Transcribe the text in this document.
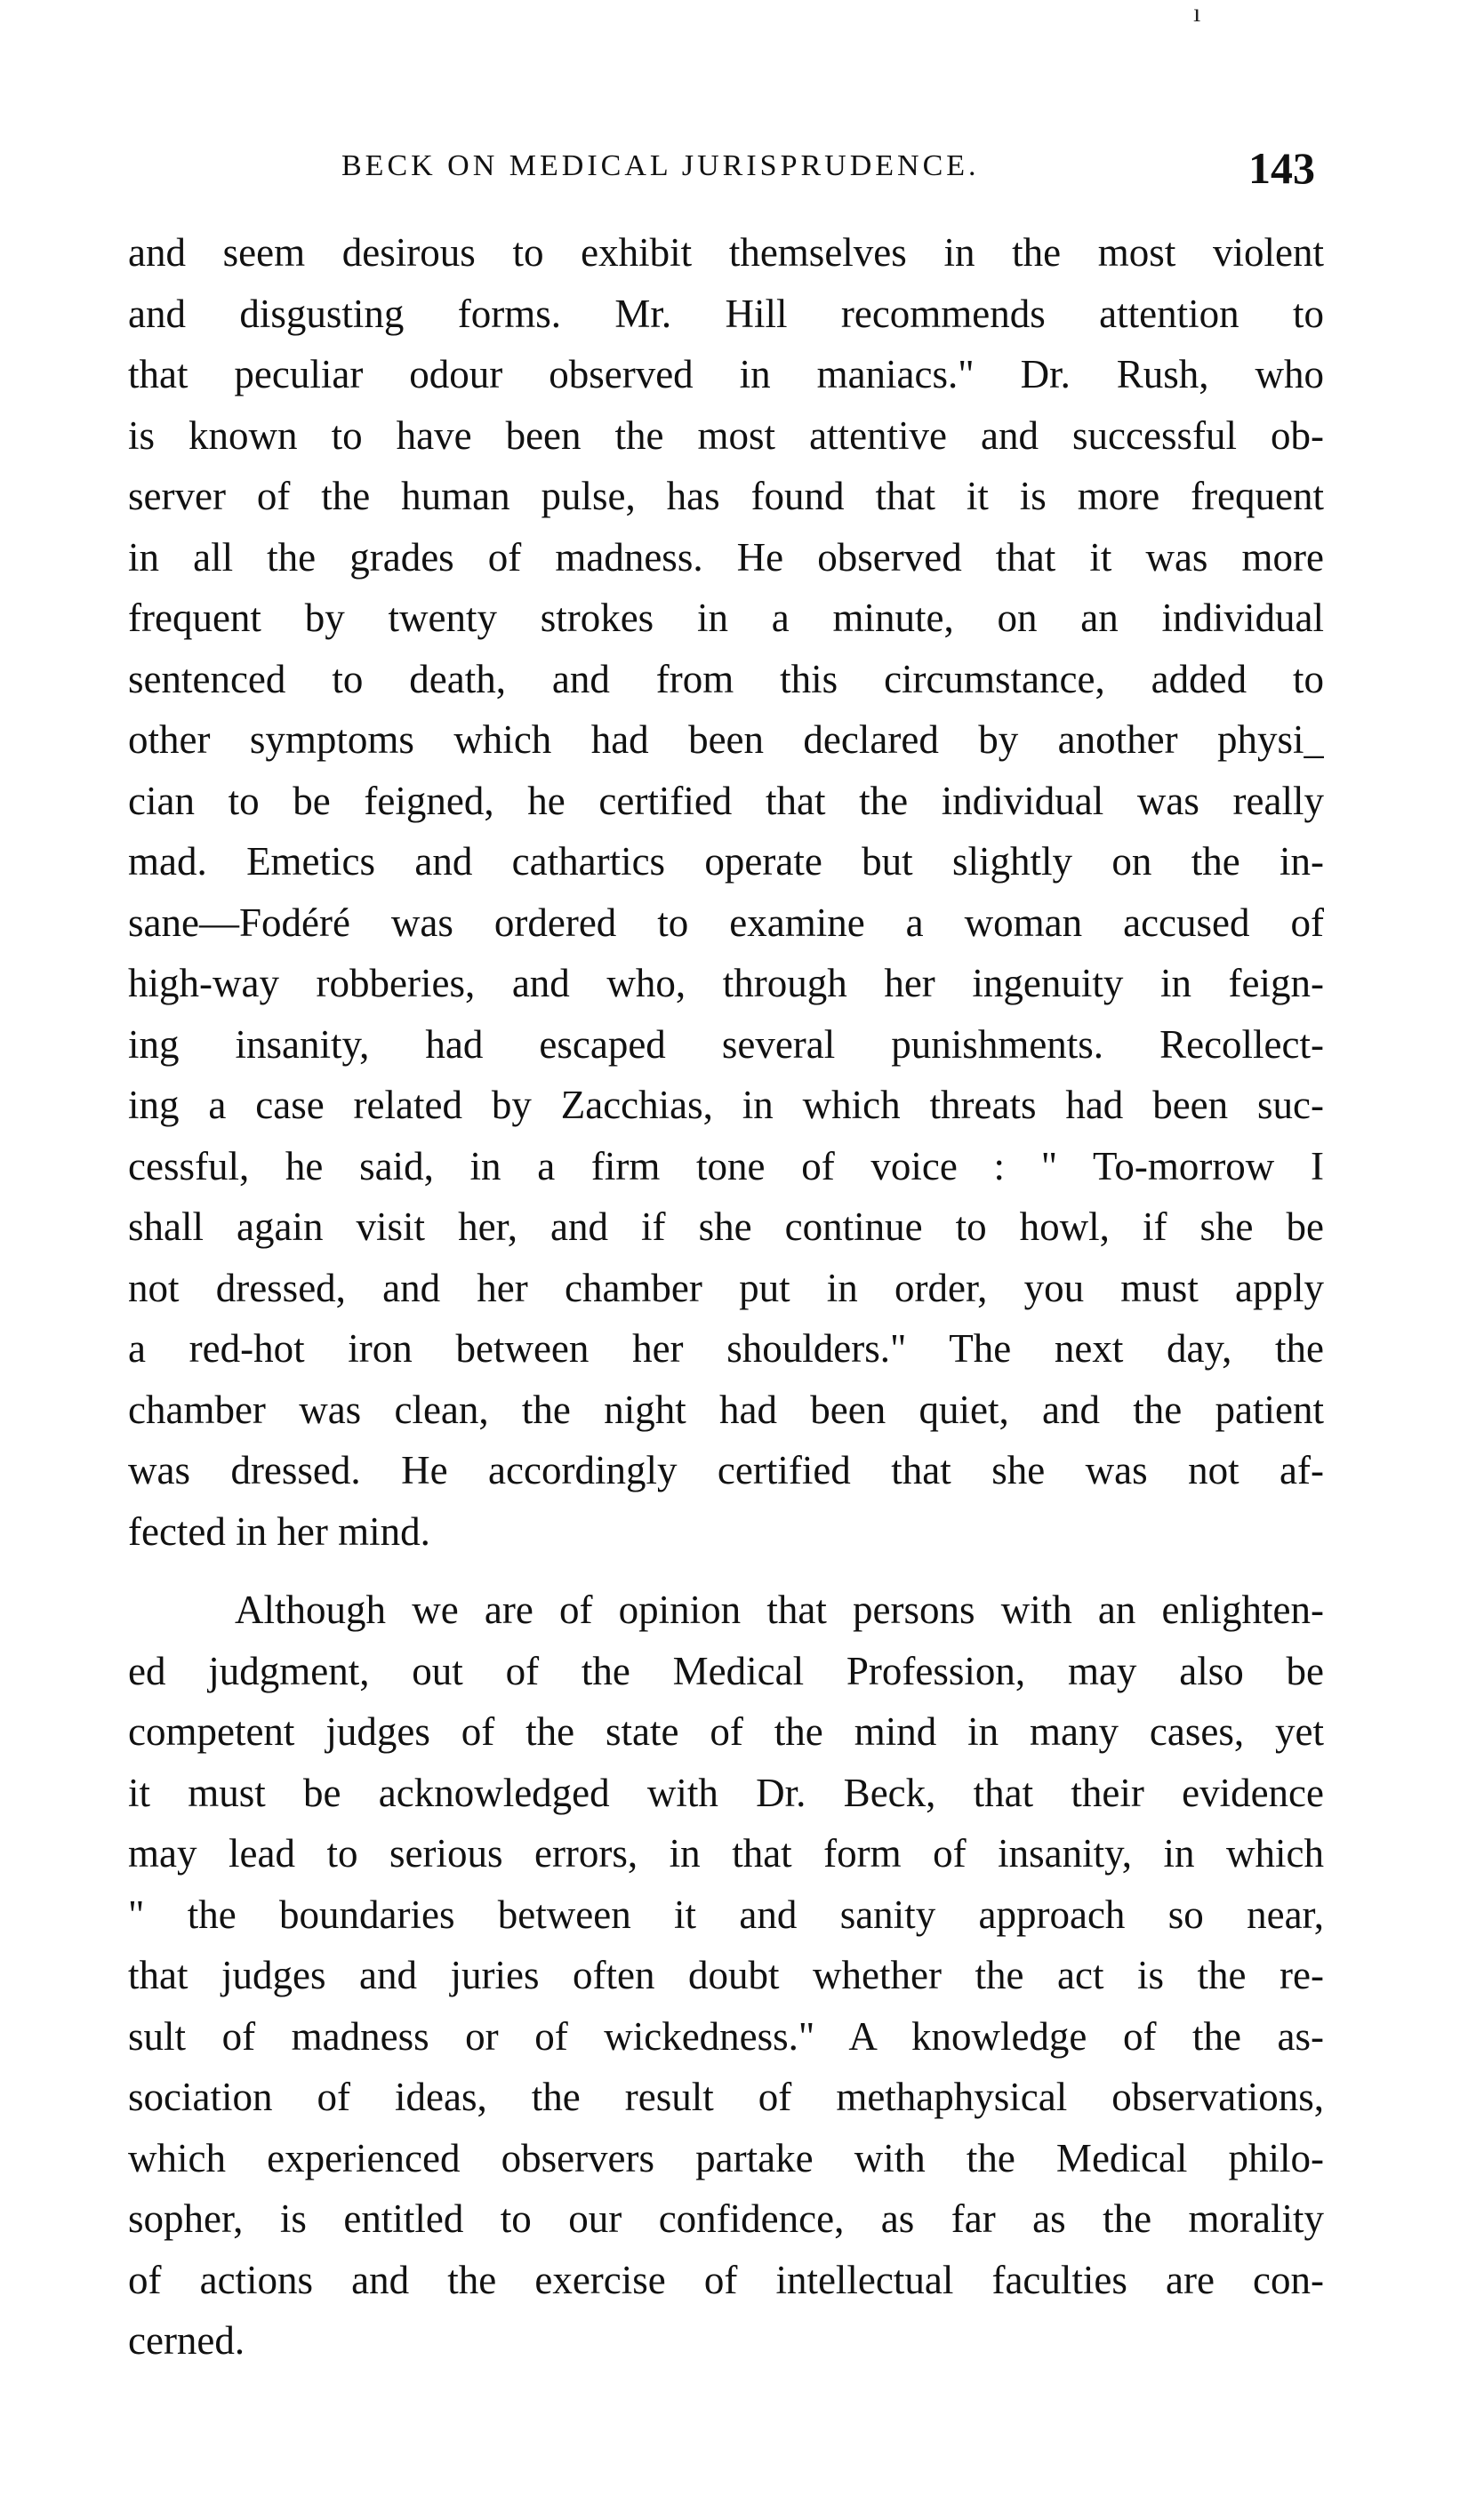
ı
BECK ON MEDICAL JURISPRUDENCE.	143
and seem desirous to exhibit themselves in the most violent
and disgusting forms. Mr. Hill recommends attention to
that peculiar odour observed in maniacs." Dr. Rush, who
is known to have been the most attentive and successful ob-
server of the human pulse, has found that it is more frequent
in all the grades of madness. He observed that it was more
frequent by twenty strokes in a minute, on an individual
sentenced to death, and from this circumstance, added to
other symptoms which had been declared by another physi_
cian to be feigned, he certified that the individual was really
mad. Emetics and cathartics operate but slightly on the in-
sane—Fodéré was ordered to examine a woman accused of
high-way robberies, and who, through her ingenuity in feign-
ing insanity, had escaped several punishments. Recollect-
ing a case related by Zacchias, in which threats had been suc-
cessful, he said, in a firm tone of voice : " To-morrow I
shall again visit her, and if she continue to howl, if she be
not dressed, and her chamber put in order, you must apply
a red-hot iron between her shoulders." The next day, the
chamber was clean, the night had been quiet, and the patient
was dressed. He accordingly certified that she was not af-
fected in her mind.
Although we are of opinion that persons with an enlighten-
ed judgment, out of the Medical Profession, may also be
competent judges of the state of the mind in many cases, yet
it must be acknowledged with Dr. Beck, that their evidence
may lead to serious errors, in that form of insanity, in which
" the boundaries between it and sanity approach so near,
that judges and juries often doubt whether the act is the re-
sult of madness or of wickedness." A knowledge of the as-
sociation of ideas, the result of methaphysical observations,
which experienced observers partake with the Medical philo-
sopher, is entitled to our confidence, as far as the morality
of actions and the exercise of intellectual faculties are con-
cerned.
